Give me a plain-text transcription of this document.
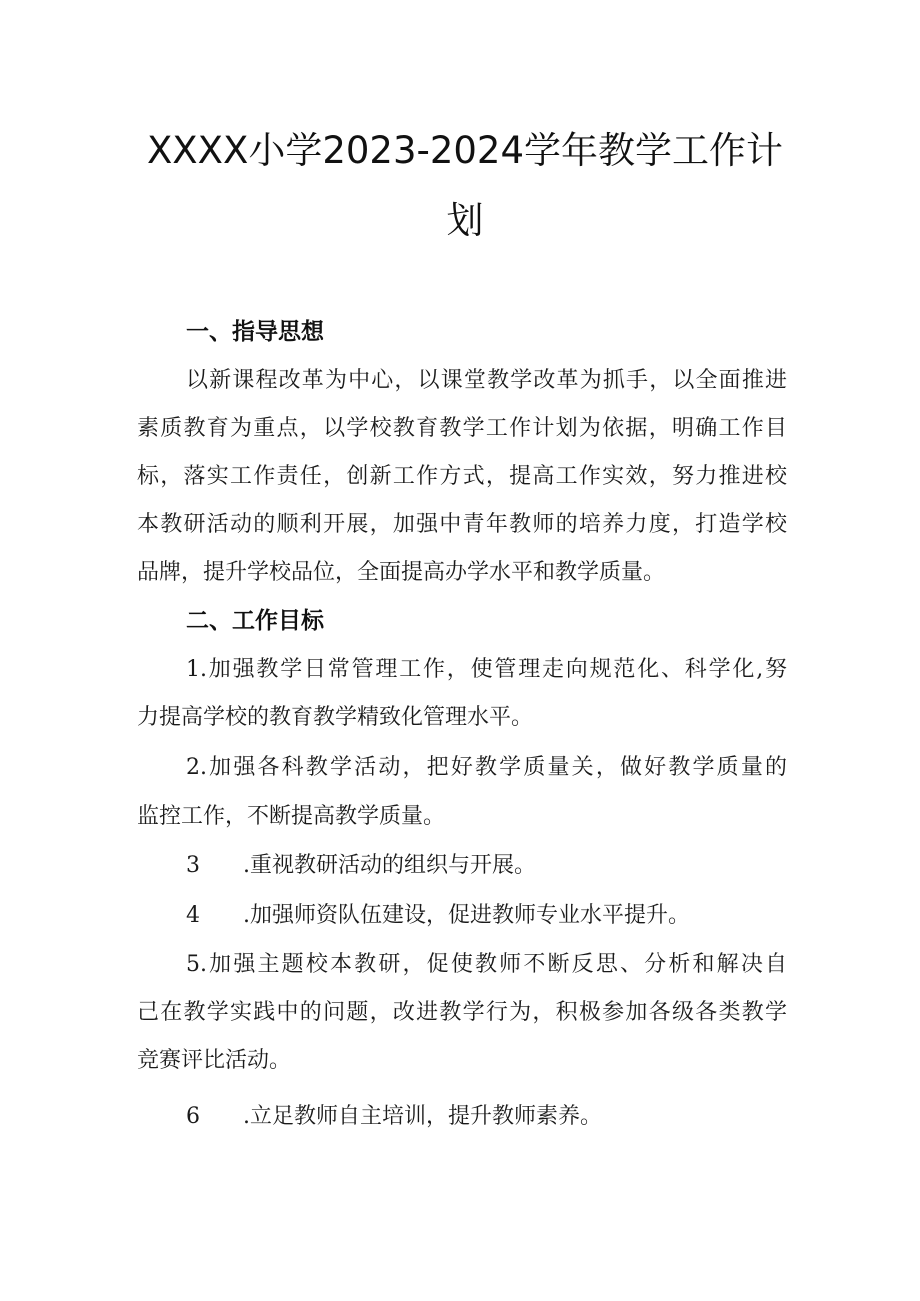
XXXX小学2023-2024学年教学工作计
划
一、指导思想
以新课程改革为中心，以课堂教学改革为抓手，以全面推进
素质教育为重点，以学校教育教学工作计划为依据，明确工作目
标，落实工作责任，创新工作方式，提高工作实效，努力推进校
本教研活动的顺利开展，加强中青年教师的培养力度，打造学校
品牌，提升学校品位，全面提高办学水平和教学质量。
二、工作目标
1.加强教学日常管理工作，使管理走向规范化、科学化,努
力提高学校的教育教学精致化管理水平。
2.加强各科教学活动，把好教学质量关，做好教学质量的
监控工作，不断提高教学质量。
3 .重视教研活动的组织与开展。
4 .加强师资队伍建设，促进教师专业水平提升。
5.加强主题校本教研，促使教师不断反思、分析和解决自
己在教学实践中的问题，改进教学行为，积极参加各级各类教学
竞赛评比活动。
6 .立足教师自主培训，提升教师素养。
